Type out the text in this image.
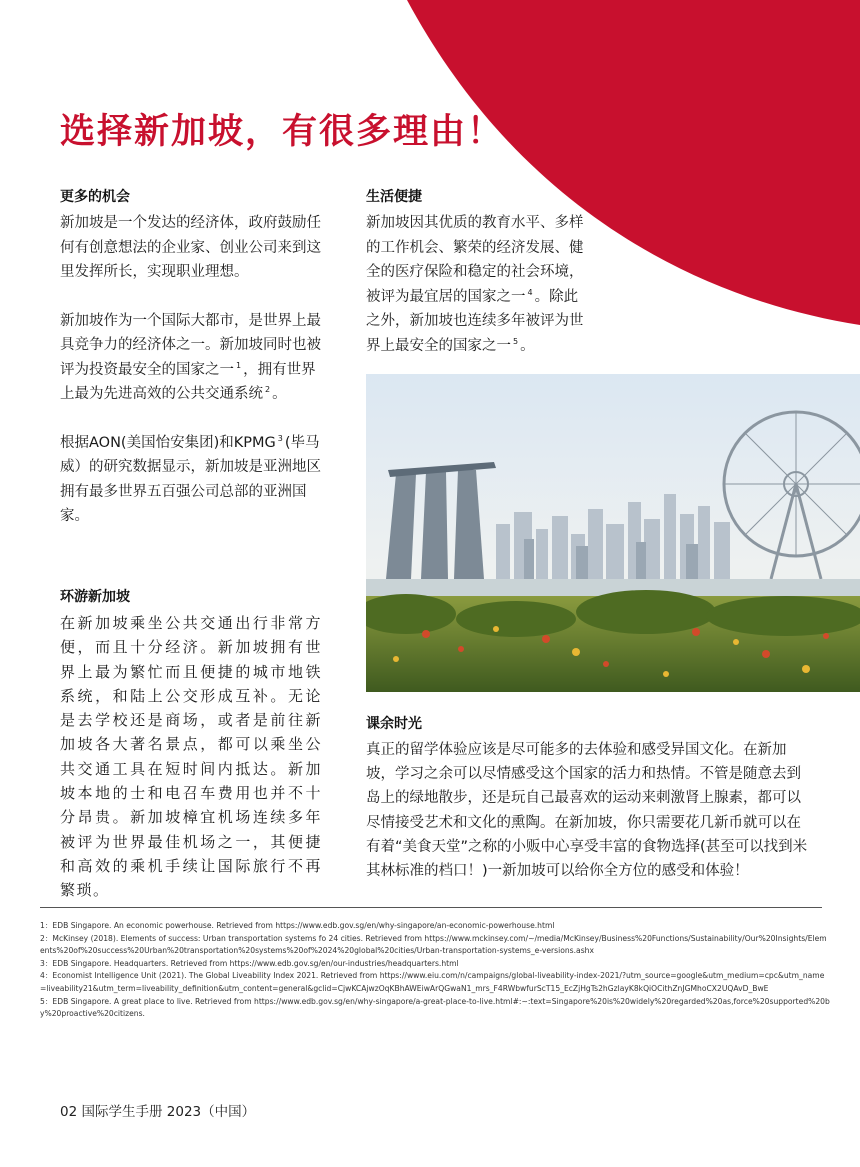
选择新加坡，有很多理由！
更多的机会

新加坡是一个发达的经济体，政府鼓励任何有创意想法的企业家、创业公司来到这里发挥所长，实现职业理想。

新加坡作为一个国际大都市，是世界上最具竞争力的经济体之一。新加坡同时也被评为投资最安全的国家之一 $^1$ ，拥有世界上最为先进高效的公共交通系统 $^2$ 。

根据AON(美国怡安集团)和KPMG $^3$ (毕马威）的研究数据显示，新加坡是亚洲地区拥有最多世界五百强公司总部的亚洲国家。

生活便捷

新加坡因其优质的教育水平、多样的工作机会、繁荣的经济发展、健全的医疗保险和稳定的社会环境，被评为最宜居的国家之一 $^4$ 。除此之外，新加坡也连续多年被评为世界上最安全的国家之一 $^5$ 。

环游新加坡

在新加坡乘坐公共交通出行非常方便，而且十分经济。新加坡拥有世界上最为繁忙而且便捷的城市地铁系统，和陆上公交形成互补。无论是去学校还是商场，或者是前往新加坡各大著名景点，都可以乘坐公共交通工具在短时间内抵达。新加坡本地的士和电召车费用也并不十分昂贵。新加坡樟宜机场连续多年被评为世界最佳机场之一，其便捷和高效的乘机手续让国际旅行不再繁琐。

课余时光

真正的留学体验应该是尽可能多的去体验和感受异国文化。在新加坡，学习之余可以尽情感受这个国家的活力和热情。不管是随意去到岛上的绿地散步，还是玩自己最喜欢的运动来刺激肾上腺素，都可以尽情接受艺术和文化的熏陶。在新加坡，你只需要花几新币就可以在有着“美食天堂”之称的小贩中心享受丰富的食物选择(甚至可以找到米其林标准的档口！)一新加坡可以给你全方位的感受和体验！

1：EDB Singapore. An economic powerhouse. Retrieved from https://www.edb.gov.sg/en/why-singapore/an-economic-powerhouse.html
2：McKinsey (2018). Elements of success: Urban transportation systems fo 24 cities. Retrieved from https://www.mckinsey.com/~/media/McKinsey/Business%20Functions/Sustainability/Our%20Insights/Elements%20of%20success%20Urban%20transportation%20systems%20of%2024%20global%20cities/Urban-transportation-systems_e-versions.ashx
3：EDB Singapore. Headquarters. Retrieved from https://www.edb.gov.sg/en/our-industries/headquarters.html
4：Economist Intelligence Unit (2021). The Global Liveability Index 2021. Retrieved from https://www.eiu.com/n/campaigns/global-liveability-index-2021/?utm_source=google&utm_medium=cpc&utm_name=liveability21&utm_term=liveability_definition&utm_content=general&gclid=CjwKCAjwzOqKBhAWEiwArQGwaN1_mrs_F4RWbwfurScT15_EcZjHgTs2hGzlayK8kQiOCithZnJGMhoCX2UQAvD_BwE
5：EDB Singapore. A great place to live. Retrieved from https://www.edb.gov.sg/en/why-singapore/a-great-place-to-live.html#:~:text=Singapore%20is%20widely%20regarded%20as,force%20supported%20by%20proactive%20citizens.
02 国际学生手册 2023（中国）
